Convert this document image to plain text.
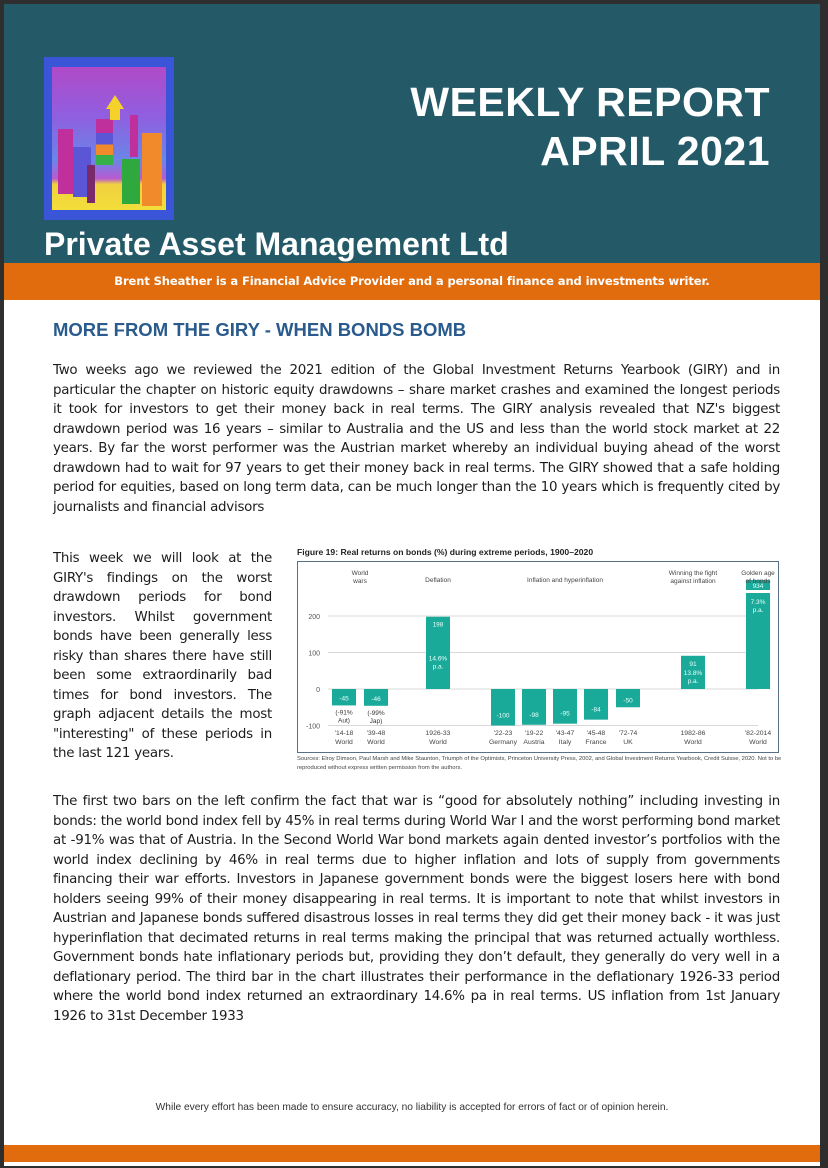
WEEKLY REPORT
APRIL 2021
Private Asset Management Ltd
Brent Sheather is a Financial Advice Provider and a personal finance and investments writer.
MORE FROM THE GIRY - WHEN BONDS BOMB
Two weeks ago we reviewed the 2021 edition of the Global Investment Returns Yearbook (GIRY) and in particular the chapter on historic equity drawdowns – share market crashes and examined the longest periods it took for investors to get their money back in real terms. The GIRY analysis revealed that NZ's biggest drawdown period was 16 years – similar to Australia and the US and less than the world stock market at 22 years. By far the worst performer was the Austrian market whereby an individual buying ahead of the worst drawdown had to wait for 97 years to get their money back in real terms. The GIRY showed that a safe holding period for equities, based on long term data, can be much longer than the 10 years which is frequently cited by journalists and financial advisors
This week we will look at the GIRY's findings on the worst drawdown periods for bond investors. Whilst government bonds have been generally less risky than shares there have still been some extraordinarily bad times for bond investors. The graph adjacent details the most "interesting" of these periods in the last 121 years.
Figure 19: Real returns on bonds (%) during extreme periods, 1900–2020
200
100
0
-100
-45
(-91%
Aut)
'14-18
World
-46
(-99%
Jap)
'39-48
World
198
14.6%
p.a.
1926-33
World
-100
'22-23
Germany
-98
'19-22
Austria
-95
'43-47
Italy
-84
'45-48
France
-50
'72-74
UK
91
13.8%
p.a.
1982-86
World
934
7.3%
p.a.
'82-2014
World
World
wars	Deflation	Inflation and hyperinflation
Winning the fight
against inflation
Golden age
of bonds
Sources: Elroy Dimson, Paul Marsh and Mike Staunton, Triumph of the Optimists, Princeton University Press, 2002, and Global Investment Returns Yearbook, Credit Suisse, 2020. Not to be reproduced without express written permission from the authors.
The first two bars on the left confirm the fact that war is “good for absolutely nothing” including investing in bonds: the world bond index fell by 45% in real terms during World War I and the worst performing bond market at -91% was that of Austria. In the Second World War bond markets again dented investor’s portfolios with the world index declining by 46% in real terms due to higher inflation and lots of supply from governments financing their war efforts. Investors in Japanese government bonds were the biggest losers here with bond holders seeing 99% of their money disappearing in real terms. It is important to note that whilst investors in Austrian and Japanese bonds suffered disastrous losses in real terms they did get their money back - it was just hyperinflation that decimated returns in real terms making the principal that was returned actually worthless. Government bonds hate inflationary periods but, providing they don’t default, they generally do very well in a deflationary period. The third bar in the chart illustrates their performance in the deflationary 1926-33 period where the world bond index returned an extraordinary 14.6% pa in real terms. US inflation from 1st January 1926 to 31st December 1933
While every effort has been made to ensure accuracy, no liability is accepted for errors of fact or of opinion herein.
